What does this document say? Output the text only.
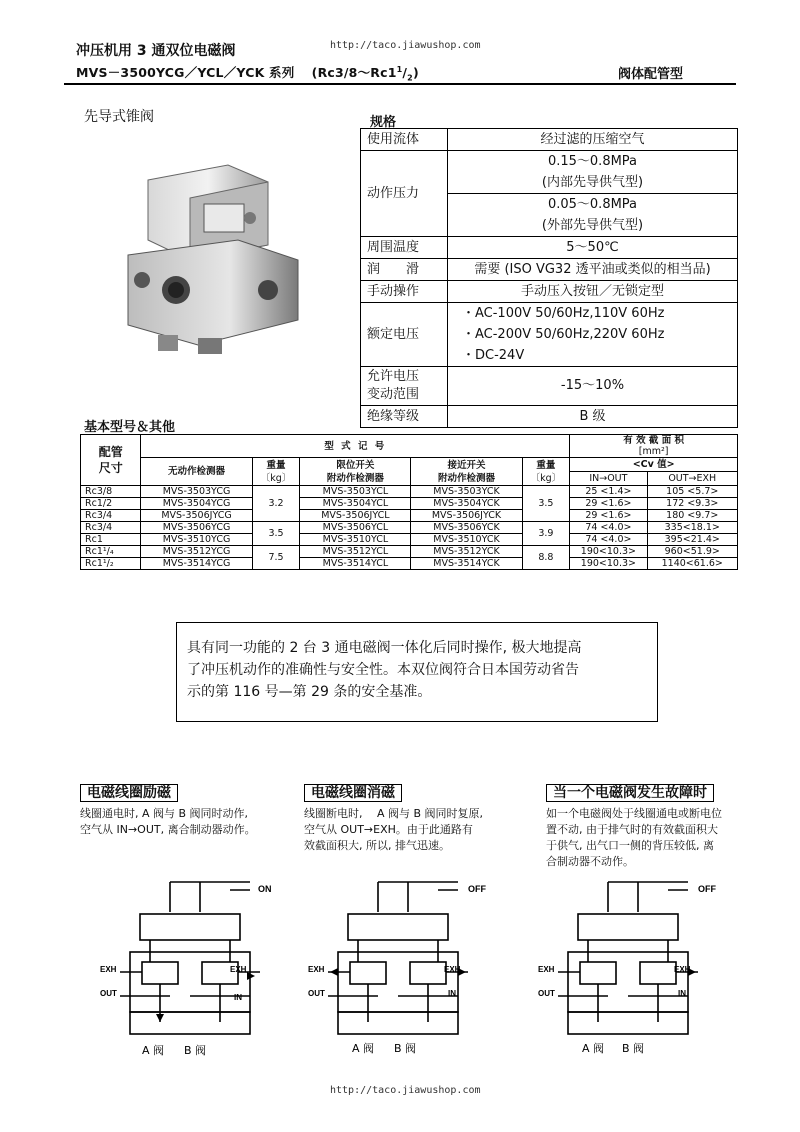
http://taco.jiawushop.com
冲压机用 3 通双位电磁阀
MVS－3500YCG／YCL／YCK 系列 　$(Rc3/8\sim Rc1^1/_2)$	阀体配管型
先导式锥阀	规格
使用流体	经过滤的压缩空气
动作压力	0.15～0.8MPa
	(内部先导供气型)
	0.05～0.8MPa
	(外部先导供气型)
周围温度	5～50℃
润　　滑	需要 (ISO VG32 透平油或类似的相当品)
手动操作	手动压入按钮／无锁定型
额定电压	・AC-100V 50/60Hz,110V 60Hz
	・AC-200V 50/60Hz,220V 60Hz
	・DC-24V
允许电压
变动范围	-15～10%
绝缘等级	B 级
基本型号＆其他
配管
尺寸	型 式 记 号					有 效 截 面 积
[mm²]	
	无动作检测器	重量
〔kg〕	限位开关
附动作检测器	接近开关
附动作检测器	重量
〔kg〕	<Cv 值>	
						IN→OUT	OUT→EXH
Rc3/8	MVS-3503YCG	3.2	MVS-3503YCL	MVS-3503YCK	3.5	25 <1.4>	105 <5.7>
Rc1/2	MVS-3504YCG		MVS-3504YCL	MVS-3504YCK		29 <1.6>	172 <9.3>
Rc3/4	MVS-3506JYCG		MVS-3506JYCL	MVS-3506JYCK		29 <1.6>	180 <9.7>
Rc3/4	MVS-3506YCG	3.5	MVS-3506YCL	MVS-3506YCK	3.9	74 <4.0>	335<18.1>
Rc1	MVS-3510YCG		MVS-3510YCL	MVS-3510YCK		74 <4.0>	395<21.4>
Rc1¹/₄	MVS-3512YCG	7.5	MVS-3512YCL	MVS-3512YCK	8.8	190<10.3>	960<51.9>
Rc1¹/₂	MVS-3514YCG		MVS-3514YCL	MVS-3514YCK		190<10.3>	1140<61.6>
具有同一功能的 2 台 3 通电磁阀一体化后同时操作, 极大地提高
了冲压机动作的准确性与安全性。本双位阀符合日本国劳动省告
示的第 116 号—第 29 条的安全基准。
电磁线圈励磁
线圈通电时, A 阀与 B 阀同时动作,
空气从 IN→OUT, 离合制动器动作。
电磁线圈消磁
线圈断电时, 　A 阀与 B 阀同时复原,
空气从 OUT→EXH。由于此通路有
效截面积大, 所以, 排气迅速。
当一个电磁阀发生故障时
如一个电磁阀处于线圈通电或断电位
置不动, 由于排气时的有效截面积大
于供气, 出气口一侧的背压较低, 离
合制动器不动作。
ON
EXH	EXH
OUT	IN
A 阀 B 阀
OFF
EXH	EXH
OUT	IN
A 阀 B 阀
OFF
EXH	EXH
OUT	IN
A 阀 B 阀
http://taco.jiawushop.com
